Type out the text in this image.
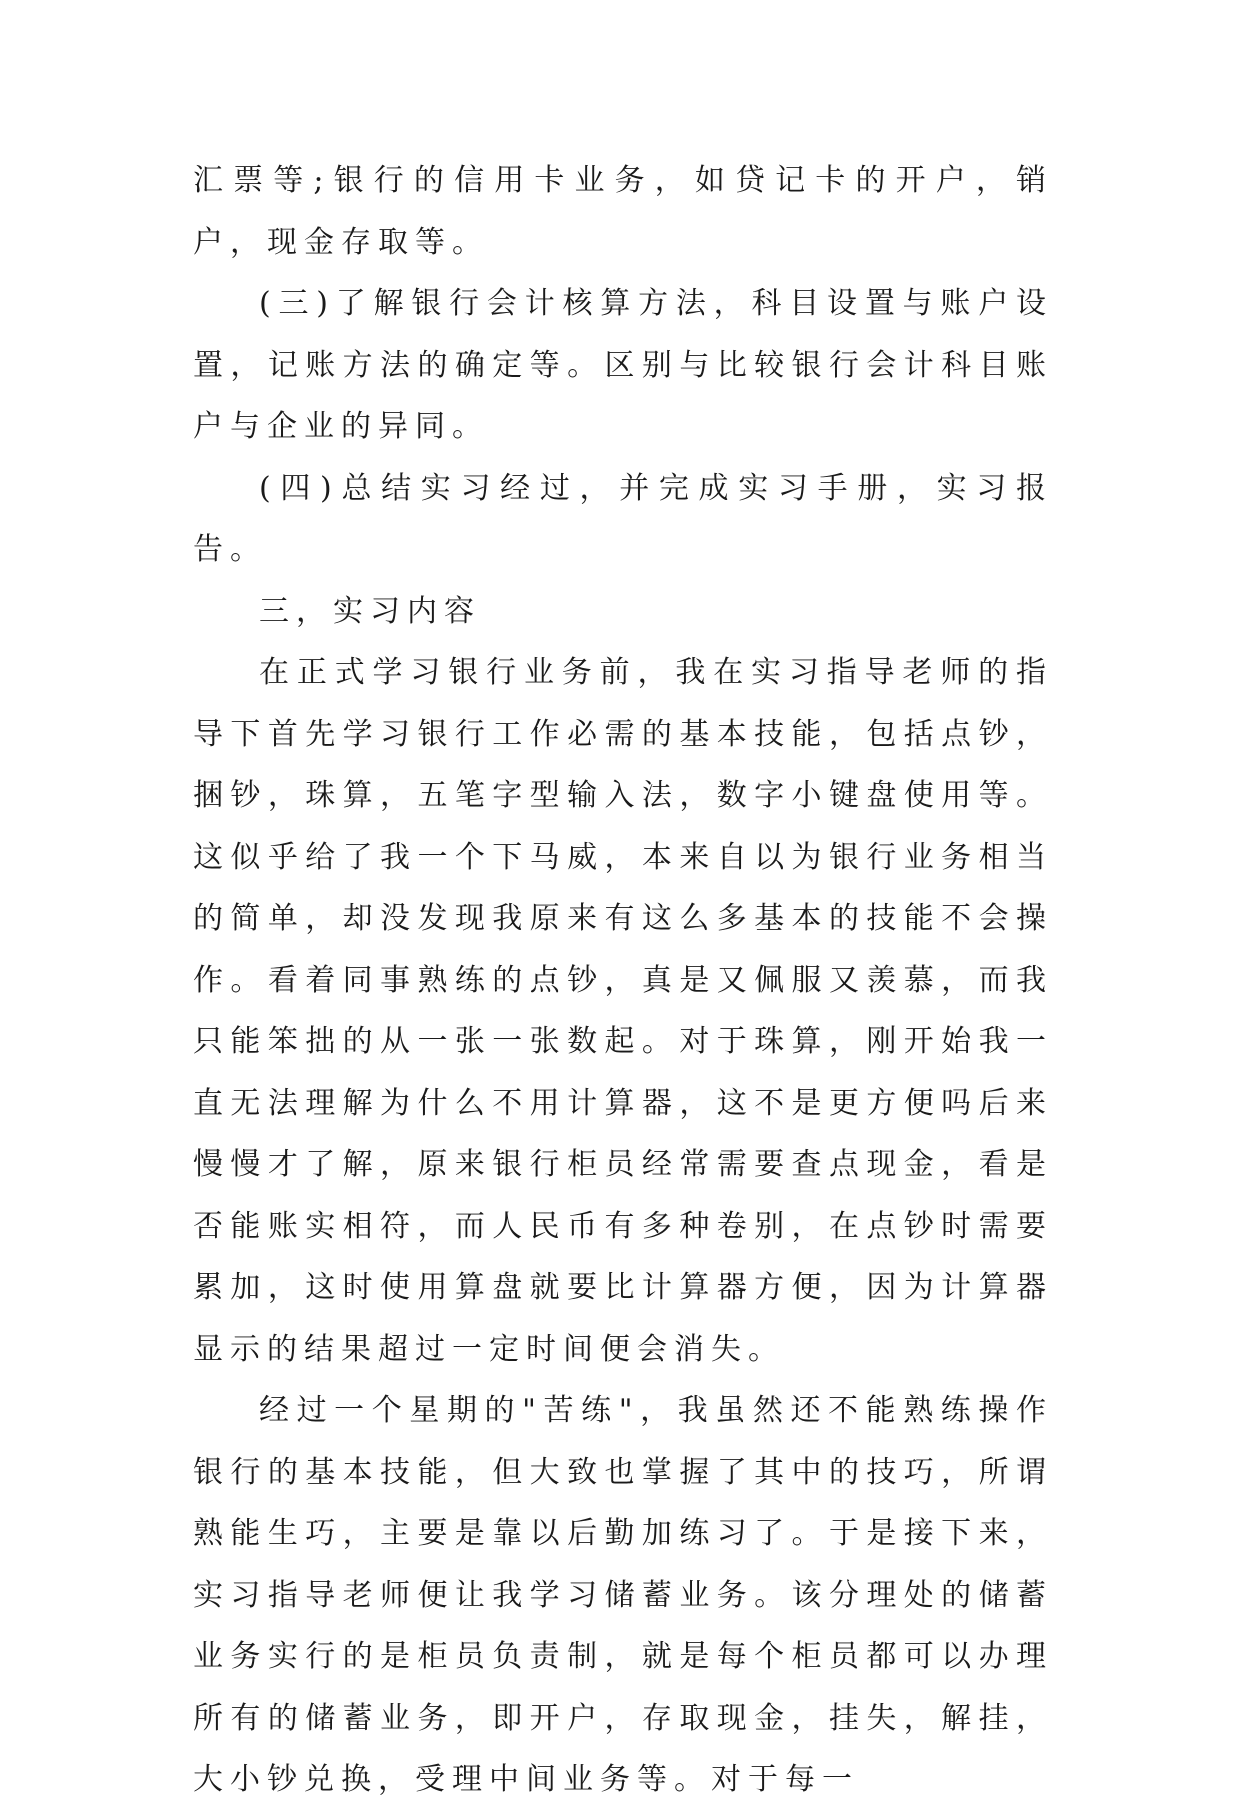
汇票等;银行的信用卡业务，如贷记卡的开户，销户，现金存取等。

(三)了解银行会计核算方法，科目设置与账户设置，记账方法的确定等。区别与比较银行会计科目账户与企业的异同。

(四)总结实习经过，并完成实习手册，实习报告。

三，实习内容

在正式学习银行业务前，我在实习指导老师的指导下首先学习银行工作必需的基本技能，包括点钞，捆钞，珠算，五笔字型输入法，数字小键盘使用等。这似乎给了我一个下马威，本来自以为银行业务相当的简单，却没发现我原来有这么多基本的技能不会操作。看着同事熟练的点钞，真是又佩服又羡慕，而我只能笨拙的从一张一张数起。对于珠算，刚开始我一直无法理解为什么不用计算器，这不是更方便吗后来慢慢才了解，原来银行柜员经常需要查点现金，看是否能账实相符，而人民币有多种卷别，在点钞时需要累加，这时使用算盘就要比计算器方便，因为计算器显示的结果超过一定时间便会消失。

经过一个星期的"苦练"，我虽然还不能熟练操作银行的基本技能，但大致也掌握了其中的技巧，所谓熟能生巧，主要是靠以后勤加练习了。于是接下来，实习指导老师便让我学习储蓄业务。该分理处的储蓄业务实行的是柜员负责制，就是每个柜员都可以办理所有的储蓄业务，即开户，存取现金，挂失，解挂，大小钞兑换，受理中间业务等。对于每一
